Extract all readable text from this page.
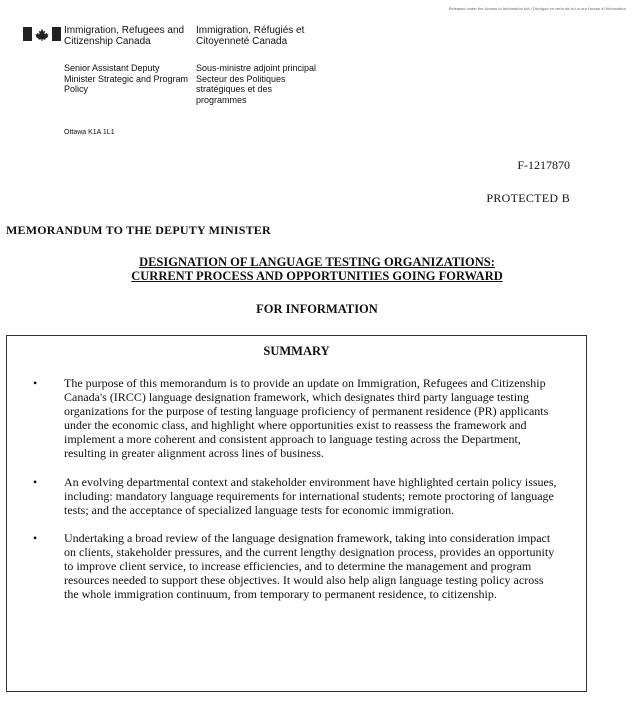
Released under the Access to Information Act / Divulgué en vertu de la Loi sur l'accès à l'information
Immigration, Refugees and Citizenship Canada
Immigration, Réfugiés et Citoyenneté Canada
Senior Assistant Deputy Minister Strategic and Program Policy
Sous-ministre adjoint principal Secteur des Politiques stratégiques et des programmes
Ottawa K1A 1L1
F-1217870
PROTECTED B
MEMORANDUM TO THE DEPUTY MINISTER
DESIGNATION OF LANGUAGE TESTING ORGANIZATIONS:
CURRENT PROCESS AND OPPORTUNITIES GOING FORWARD
FOR INFORMATION
SUMMARY
• The purpose of this memorandum is to provide an update on Immigration, Refugees and Citizenship Canada's (IRCC) language designation framework, which designates third party language testing organizations for the purpose of testing language proficiency of permanent residence (PR) applicants under the economic class, and highlight where opportunities exist to reassess the framework and implement a more coherent and consistent approach to language testing across the Department, resulting in greater alignment across lines of business.
• An evolving departmental context and stakeholder environment have highlighted certain policy issues, including: mandatory language requirements for international students; remote proctoring of language tests; and the acceptance of specialized language tests for economic immigration.
• Undertaking a broad review of the language designation framework, taking into consideration impact on clients, stakeholder pressures, and the current lengthy designation process, provides an opportunity to improve client service, to increase efficiencies, and to determine the management and program resources needed to support these objectives. It would also help align language testing policy across the whole immigration continuum, from temporary to permanent residence, to citizenship.
